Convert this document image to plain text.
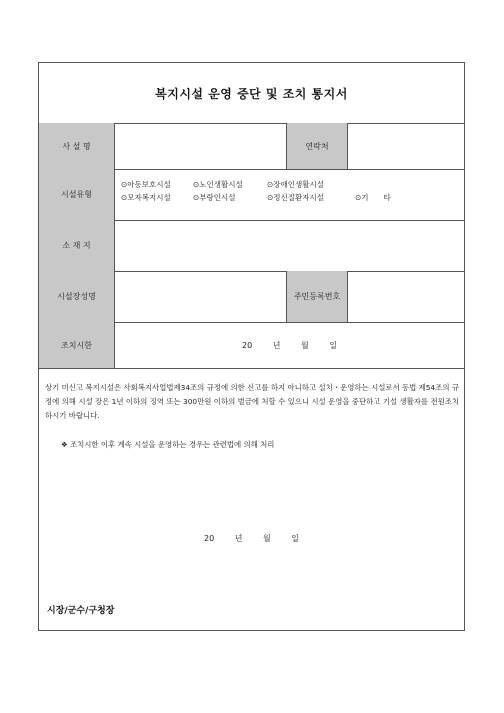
복지시설 운영 중단 및 조치 통지서
사 설 명	연락처
시설유형
⊙아동보호시설	⊙노인생활시설	⊙장애인생활시설
⊙모자복지시설	⊙부랑인시설	⊙정신질환자시설	⊙기　　타
소 재 지
시설장성명	주민등록번호
조치시한	20 년 월 일
상기 미신고 복지시설은 사회복지사업법제34조의 규정에 의한 신고를 하지 아니하고 설치・운영하는 시설로서 동법 제54조의 규정에 의해 시설 장은 1년 이하의 징역 또는 300만원 이하의 벌금에 처할 수 있으니 시설 운영을 중단하고 기설 생활자를 전원조치 하시기 바랍니다.
❖ 조치시한 이후 계속 시설을 운영하는 경우는 관련법에 의해 처리
20 년 월 일
시장/군수/구청장
